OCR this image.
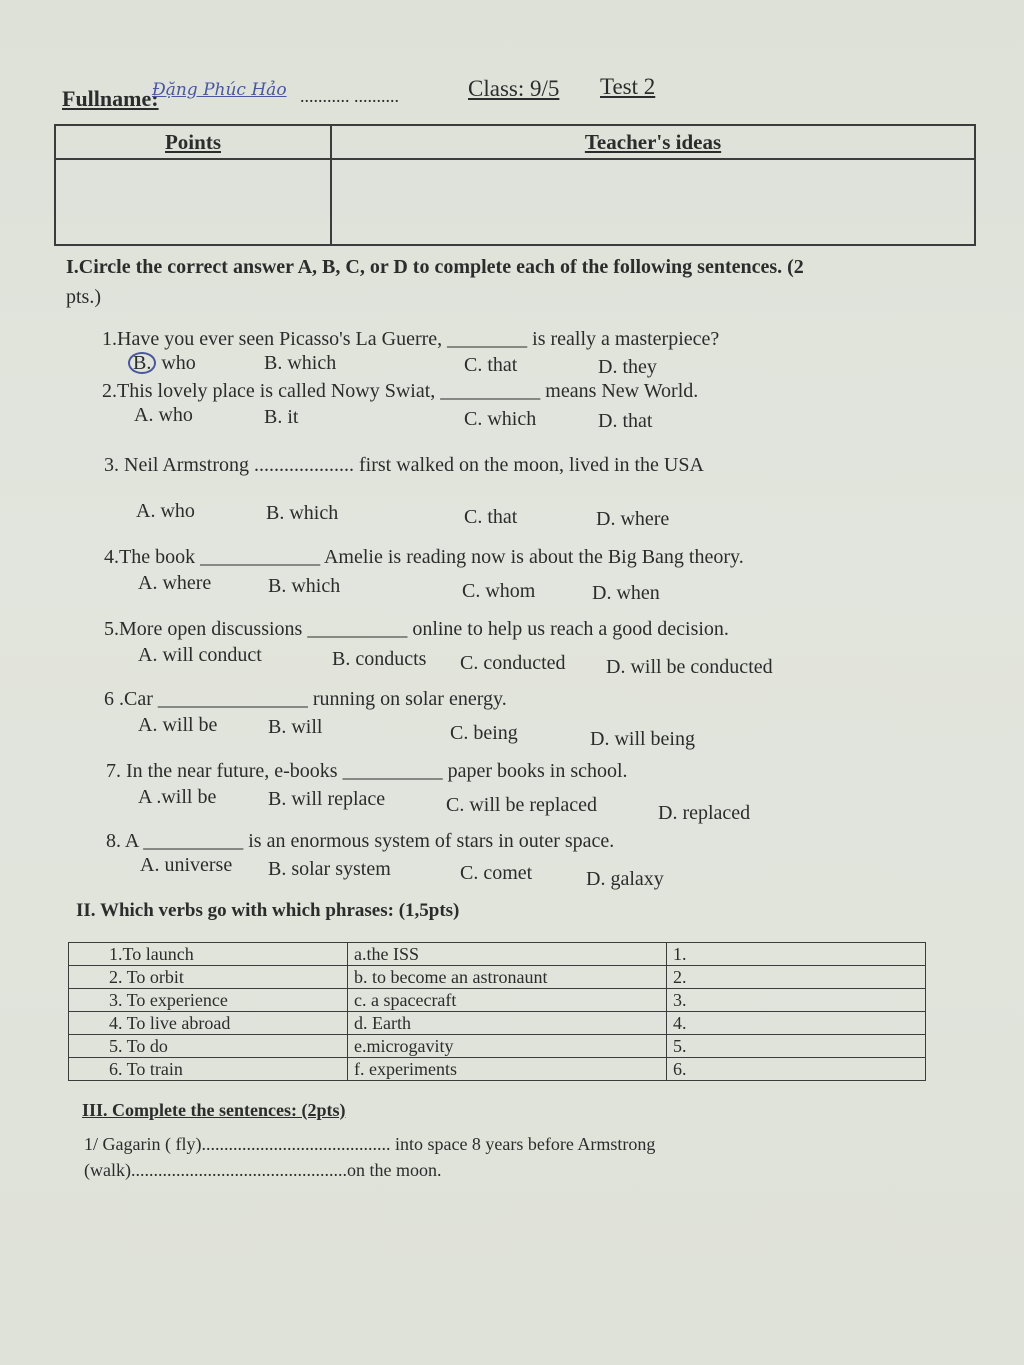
Fullname:
Đặng Phúc Hảo ........... ..........	Class: 9/5 Test 2
Points	Teacher's ideas

I.Circle the correct answer A, B, C, or D to complete each of the following sentences. (2
pts.)
1.Have you ever seen Picasso's La Guerre, ________ is really a masterpiece?
B. who	B. which	C. that	D. they
2.This lovely place is called Nowy Swiat, __________ means New World.
A. who	B. it	C. which	D. that
3. Neil Armstrong .................... first walked on the moon, lived in the USA
A. who	B. which	C. that	D. where
4.The book ____________ Amelie is reading now is about the Big Bang theory.
A. where	B. which	C. whom	D. when
5.More open discussions __________ online to help us reach a good decision.
A. will conduct	B. conducts C. conducted D. will be conducted
6 .Car _______________ running on solar energy.
A. will be	B. will	C. being	D. will being
7. In the near future, e-books __________ paper books in school.
A .will be	B. will replace	C. will be replaced	D. replaced
8. A __________ is an enormous system of stars in outer space.
A. universe B. solar system	C. comet	D. galaxy
II. Which verbs go with which phrases: (1,5pts)
1.To launch	a.the ISS	1.
2. To orbit	b. to become an astronaunt	2.
3. To experience	c. a spacecraft	3.
4. To live abroad	d. Earth	4.
5. To do	e.microgavity	5.
6. To train	f. experiments	6.
III. Complete the sentences: (2pts)
1/ Gagarin ( fly).......................................... into space 8 years before Armstrong
(walk)................................................on the moon.
